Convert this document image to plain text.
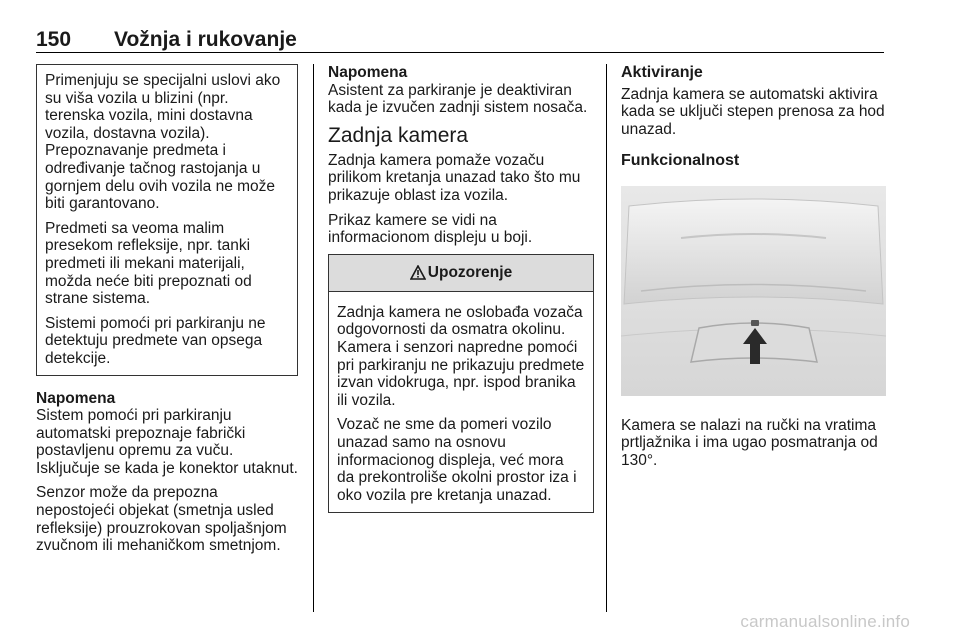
150 Vožnja i rukovanje

Primenjuju se specijalni uslovi ako su viša vozila u blizini (npr. terenska vozila, mini dostavna vozila, dostavna vozila). Prepoznavanje predmeta i određivanje tačnog rastojanja u gornjem delu ovih vozila ne može biti garantovano.

Predmeti sa veoma malim presekom refleksije, npr. tanki predmeti ili mekani materijali, možda neće biti prepoznati od strane sistema.

Sistemi pomoći pri parkiranju ne detektuju predmete van opsega detekcije.

Napomena

Sistem pomoći pri parkiranju automatski prepoznaje fabrički postavljenu opremu za vuču. Isključuje se kada je konektor utaknut.

Senzor može da prepozna nepostojeći objekat (smetnja usled refleksije) prouzrokovan spoljašnjom zvučnom ili mehaničkom smetnjom.

Napomena

Asistent za parkiranje je deaktiviran kada je izvučen zadnji sistem nosača.

Zadnja kamera

Zadnja kamera pomaže vozaču prilikom kretanja unazad tako što mu prikazuje oblast iza vozila.

Prikaz kamere se vidi na informacionom displeju u boji.

Upozorenje

Zadnja kamera ne oslobađa vozača odgovornosti da osmatra okolinu. Kamera i senzori napredne pomoći pri parkiranju ne prikazuju predmete izvan vidokruga, npr. ispod branika ili vozila.

Vozač ne sme da pomeri vozilo unazad samo na osnovu informacionog displeja, već mora da prekontroliše okolni prostor iza i oko vozila pre kretanja unazad.

Aktiviranje

Zadnja kamera se automatski aktivira kada se uključi stepen prenosa za hod unazad.

Funkcionalnost

Kamera se nalazi na ručki na vratima prtljažnika i ima ugao posmatranja od 130°.

carmanualsonline.info
